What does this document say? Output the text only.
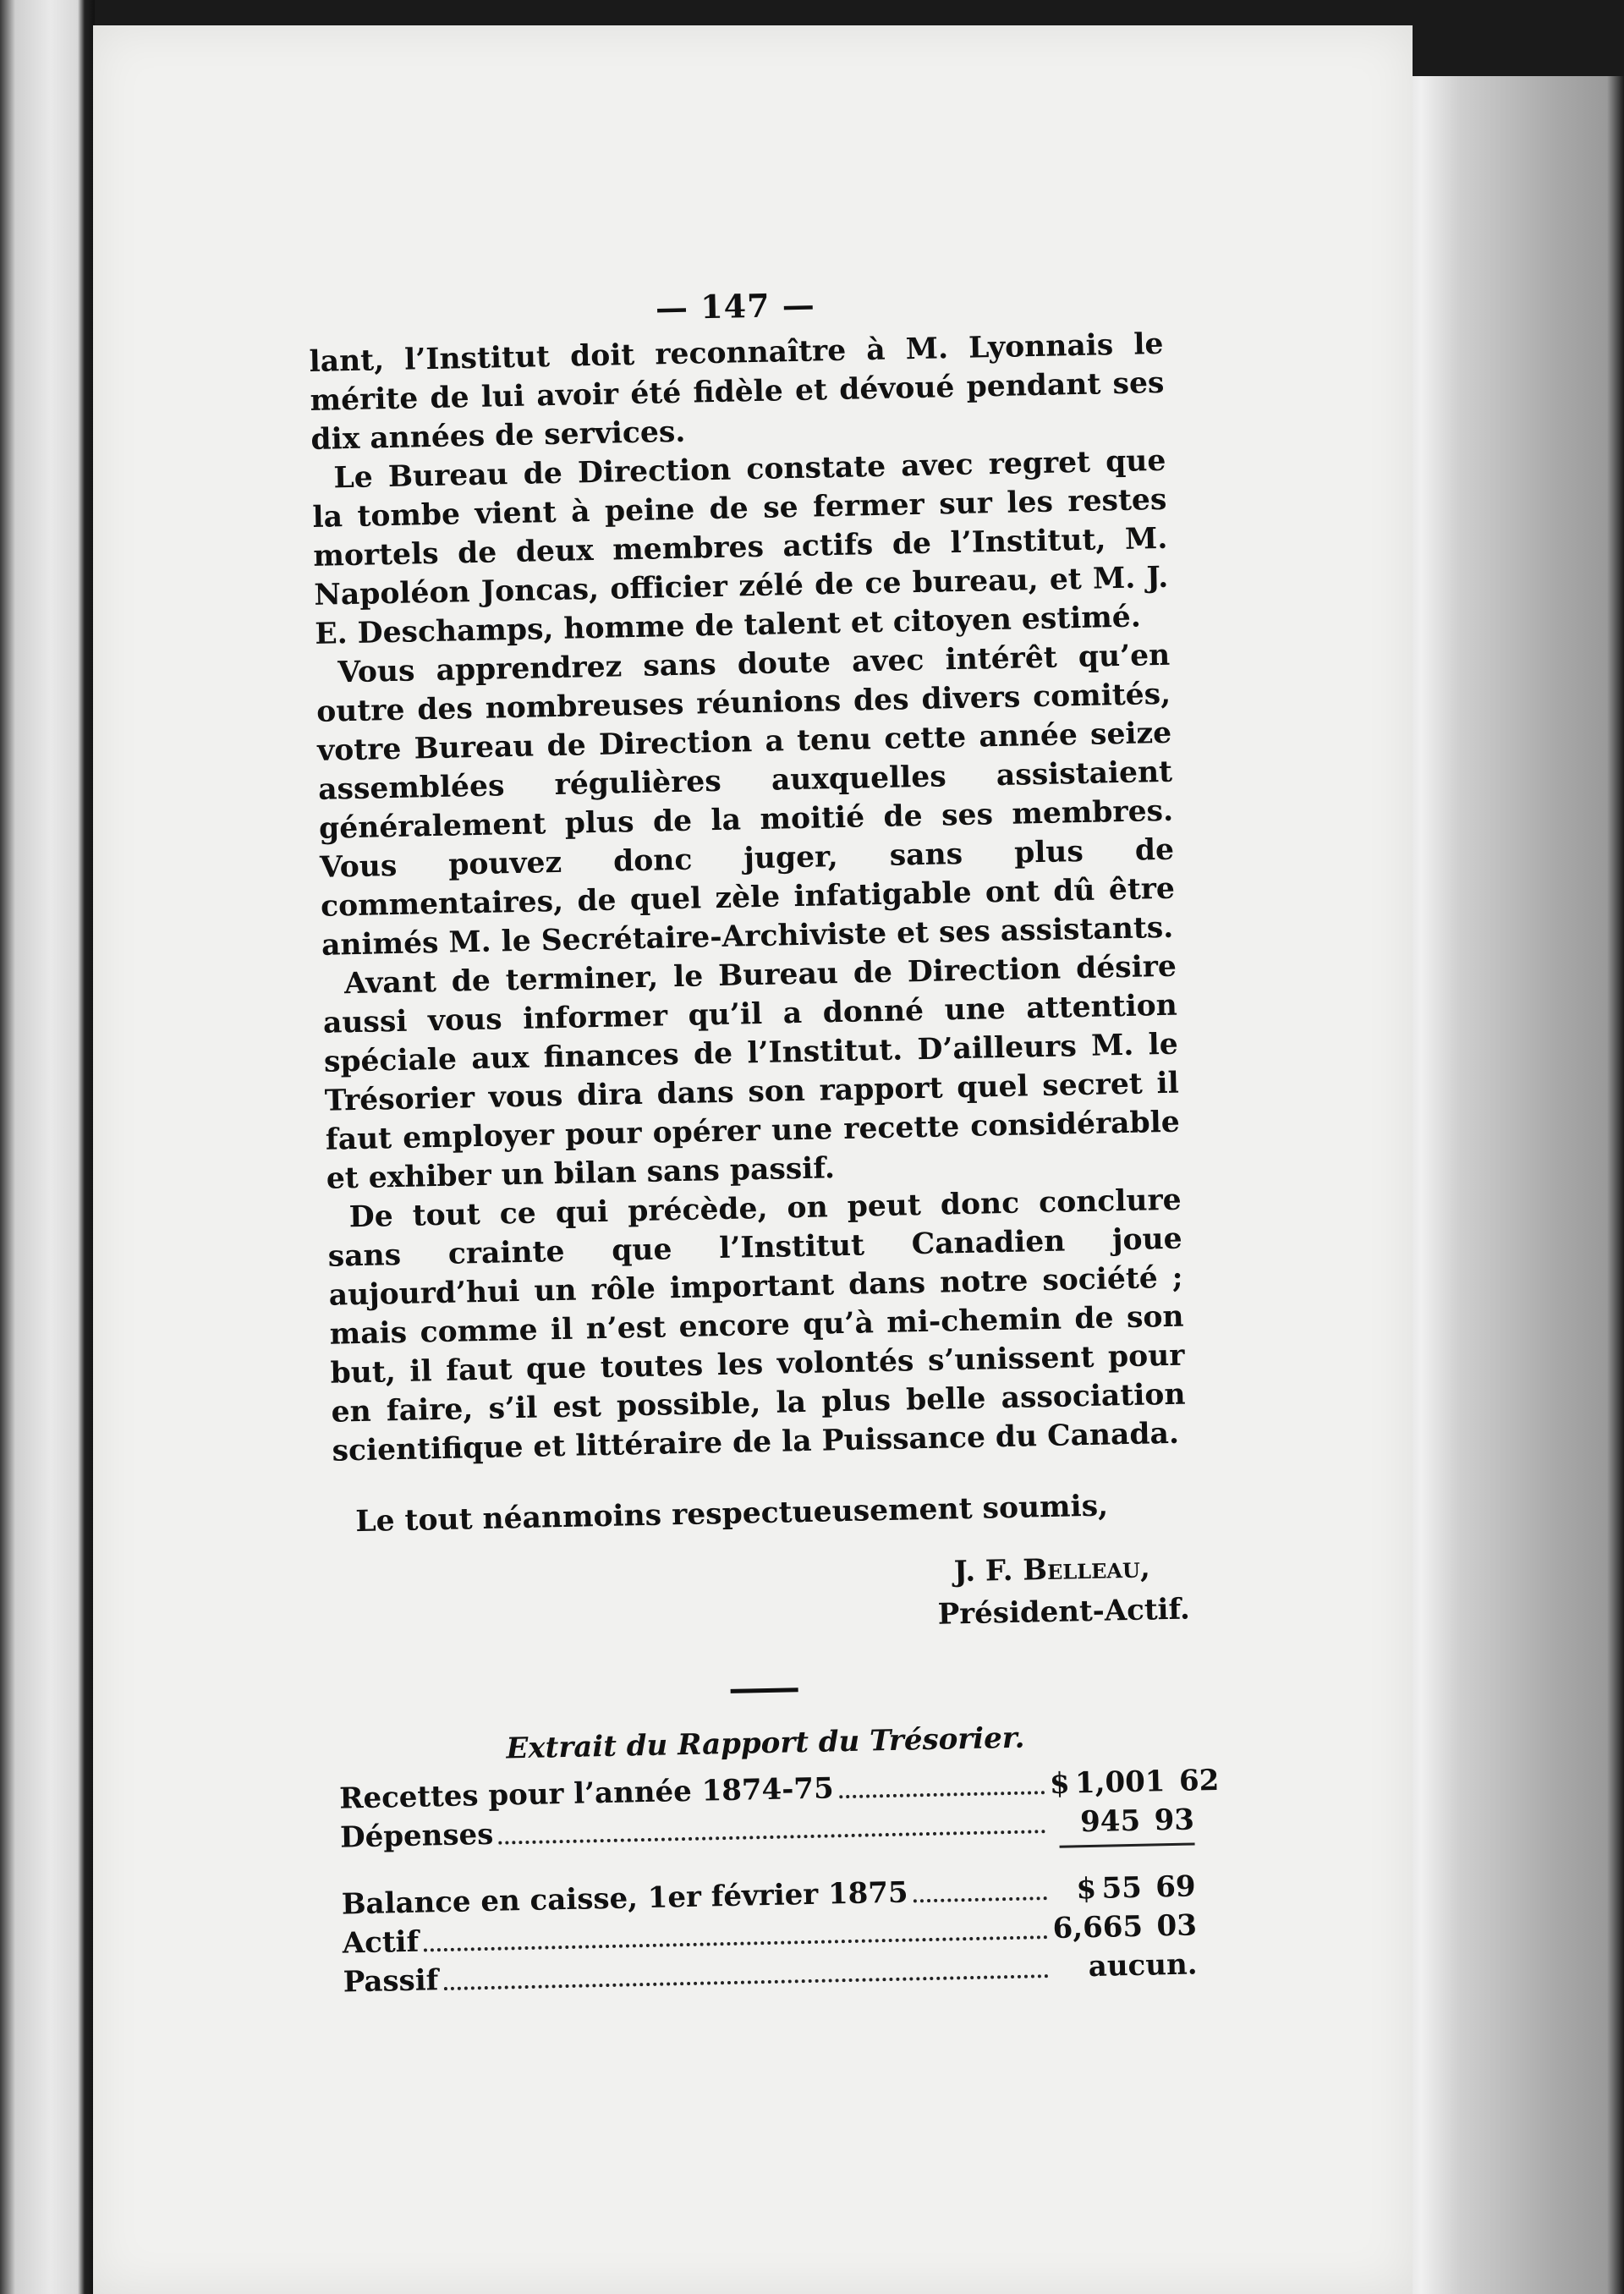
— 147 —

lant, l’Institut doit reconnaître à M. Lyonnais le mérite de lui avoir été fidèle et dévoué pendant ses dix années de services.

Le Bureau de Direction constate avec regret que la tombe vient à peine de se fermer sur les restes mortels de deux membres actifs de l’Institut, M. Napoléon Joncas, officier zélé de ce bureau, et M. J. E. Deschamps, homme de talent et citoyen estimé.

Vous apprendrez sans doute avec intérêt qu’en outre des nombreuses réunions des divers comités, votre Bureau de Direction a tenu cette année seize assemblées régulières auxquelles assistaient généralement plus de la moitié de ses membres. Vous pouvez donc juger, sans plus de commentaires, de quel zèle infatigable ont dû être animés M. le Secrétaire-Archiviste et ses assistants.

Avant de terminer, le Bureau de Direction désire aussi vous informer qu’il a donné une attention spéciale aux finances de l’Institut. D’ailleurs M. le Trésorier vous dira dans son rapport quel secret il faut employer pour opérer une recette considérable et exhiber un bilan sans passif.

De tout ce qui précède, on peut donc conclure sans crainte que l’Institut Canadien joue aujourd’hui un rôle important dans notre société ; mais comme il n’est encore qu’à mi-chemin de son but, il faut que toutes les volontés s’unissent pour en faire, s’il est possible, la plus belle association scientifique et littéraire de la Puissance du Canada.

Le tout néanmoins respectueusement soumis,

J. F. Belleau,
Président-Actif.
Extrait du Rapport du Trésorier.
Recettes pour l’année 1874-75	$ 1,001 62
Dépenses	945 93
Balance en caisse, 1er février 1875	$ 55 69
Actif	6,665 03
Passif	aucun.
